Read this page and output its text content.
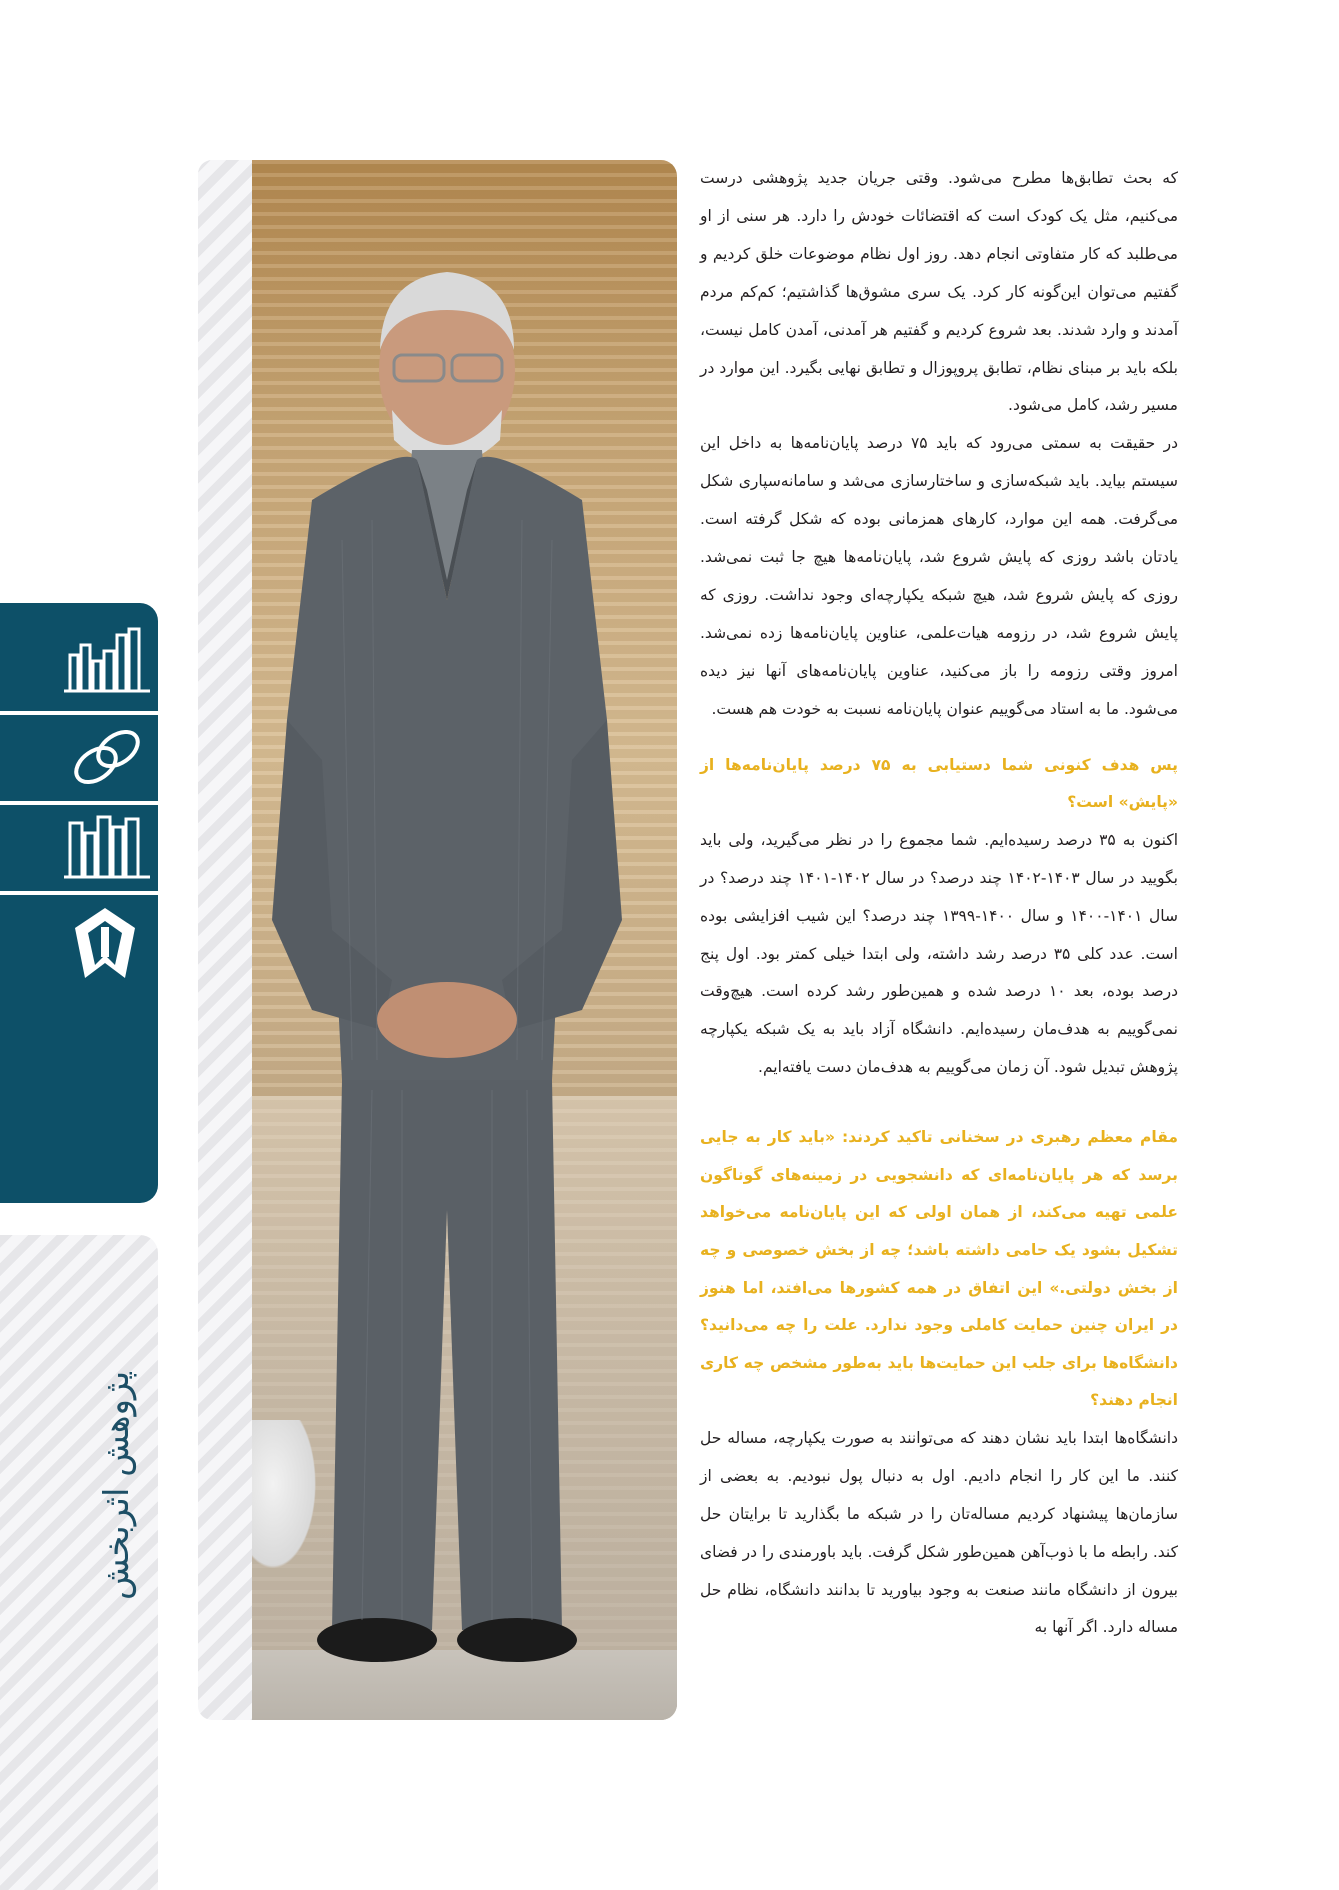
پژوهش اثربخش

که بحث تطابق‌ها مطرح می‌شود. وقتی جریان جدید پژوهشی درست می‌کنیم، مثل یک کودک است که اقتضائات خودش را دارد. هر سنی از او می‌طلبد که کار متفاوتی انجام دهد. روز اول نظام موضوعات خلق کردیم و گفتیم می‌توان این‌گونه کار کرد. یک سری مشوق‌ها گذاشتیم؛ کم‌کم مردم آمدند و وارد شدند. بعد شروع کردیم و گفتیم هر آمدنی، آمدن کامل نیست، بلکه باید بر مبنای نظام، تطابق پروپوزال و تطابق نهایی بگیرد. این موارد در مسیر رشد، کامل می‌شود.

در حقیقت به سمتی می‌رود که باید ۷۵ درصد پایان‌نامه‌ها به داخل این سیستم بیاید. باید شبکه‌سازی و ساختارسازی می‌شد و سامانه‌سپاری شکل می‌گرفت. همه این موارد، کارهای همزمانی بوده که شکل گرفته است. یادتان باشد روزی که پایش شروع شد، پایان‌نامه‌ها هیچ جا ثبت نمی‌شد. روزی که پایش شروع شد، هیچ شبکه یکپارچه‌ای وجود نداشت. روزی که پایش شروع شد، در رزومه هیات‌علمی، عناوین پایان‌نامه‌ها زده نمی‌شد. امروز وقتی رزومه را باز می‌کنید، عناوین پایان‌نامه‌های آنها نیز دیده می‌شود. ما به استاد می‌گوییم عنوان پایان‌نامه نسبت به خودت هم هست.

پس هدف کنونی شما دستیابی به ۷۵ درصد پایان‌نامه‌ها از «پایش» است؟

اکنون به ۳۵ درصد رسیده‌ایم. شما مجموع را در نظر می‌گیرید، ولی باید بگویید در سال ۱۴۰۳-۱۴۰۲ چند درصد؟ در سال ۱۴۰۲-۱۴۰۱ چند درصد؟ در سال ۱۴۰۱-۱۴۰۰ و سال ۱۴۰۰-۱۳۹۹ چند درصد؟ این شیب افزایشی بوده است. عدد کلی ۳۵ درصد رشد داشته، ولی ابتدا خیلی کمتر بود. اول پنج درصد بوده، بعد ۱۰ درصد شده و همین‌طور رشد کرده است. هیچ‌وقت نمی‌گوییم به هدف‌مان رسیده‌ایم. دانشگاه آزاد باید به یک شبکه یکپارچه پژوهش تبدیل شود. آن زمان می‌گوییم به هدف‌مان دست یافته‌ایم.

مقام معظم رهبری در سخنانی تاکید کردند: «باید کار به جایی برسد که هر پایان‌نامه‌ای که دانشجویی در زمینه‌های گوناگون علمی تهیه می‌کند، از همان اولی که این پایان‌نامه می‌خواهد تشکیل بشود یک حامی داشته باشد؛ چه از بخش خصوصی و چه از بخش دولتی.» این اتفاق در همه کشورها می‌افتد، اما هنوز در ایران چنین حمایت کاملی وجود ندارد. علت را چه می‌دانید؟ دانشگاه‌ها برای جلب این حمایت‌ها باید به‌طور مشخص چه کاری انجام دهند؟

دانشگاه‌ها ابتدا باید نشان دهند که می‌توانند به صورت یکپارچه، مساله حل کنند. ما این کار را انجام دادیم. اول به دنبال پول نبودیم. به بعضی از سازمان‌ها پیشنهاد کردیم مساله‌تان را در شبکه ما بگذارید تا برایتان حل کند. رابطه ما با ذوب‌آهن همین‌طور شکل گرفت. باید باورمندی را در فضای بیرون از دانشگاه مانند صنعت به وجود بیاورید تا بدانند دانشگاه، نظام حل مساله دارد. اگر آنها به
